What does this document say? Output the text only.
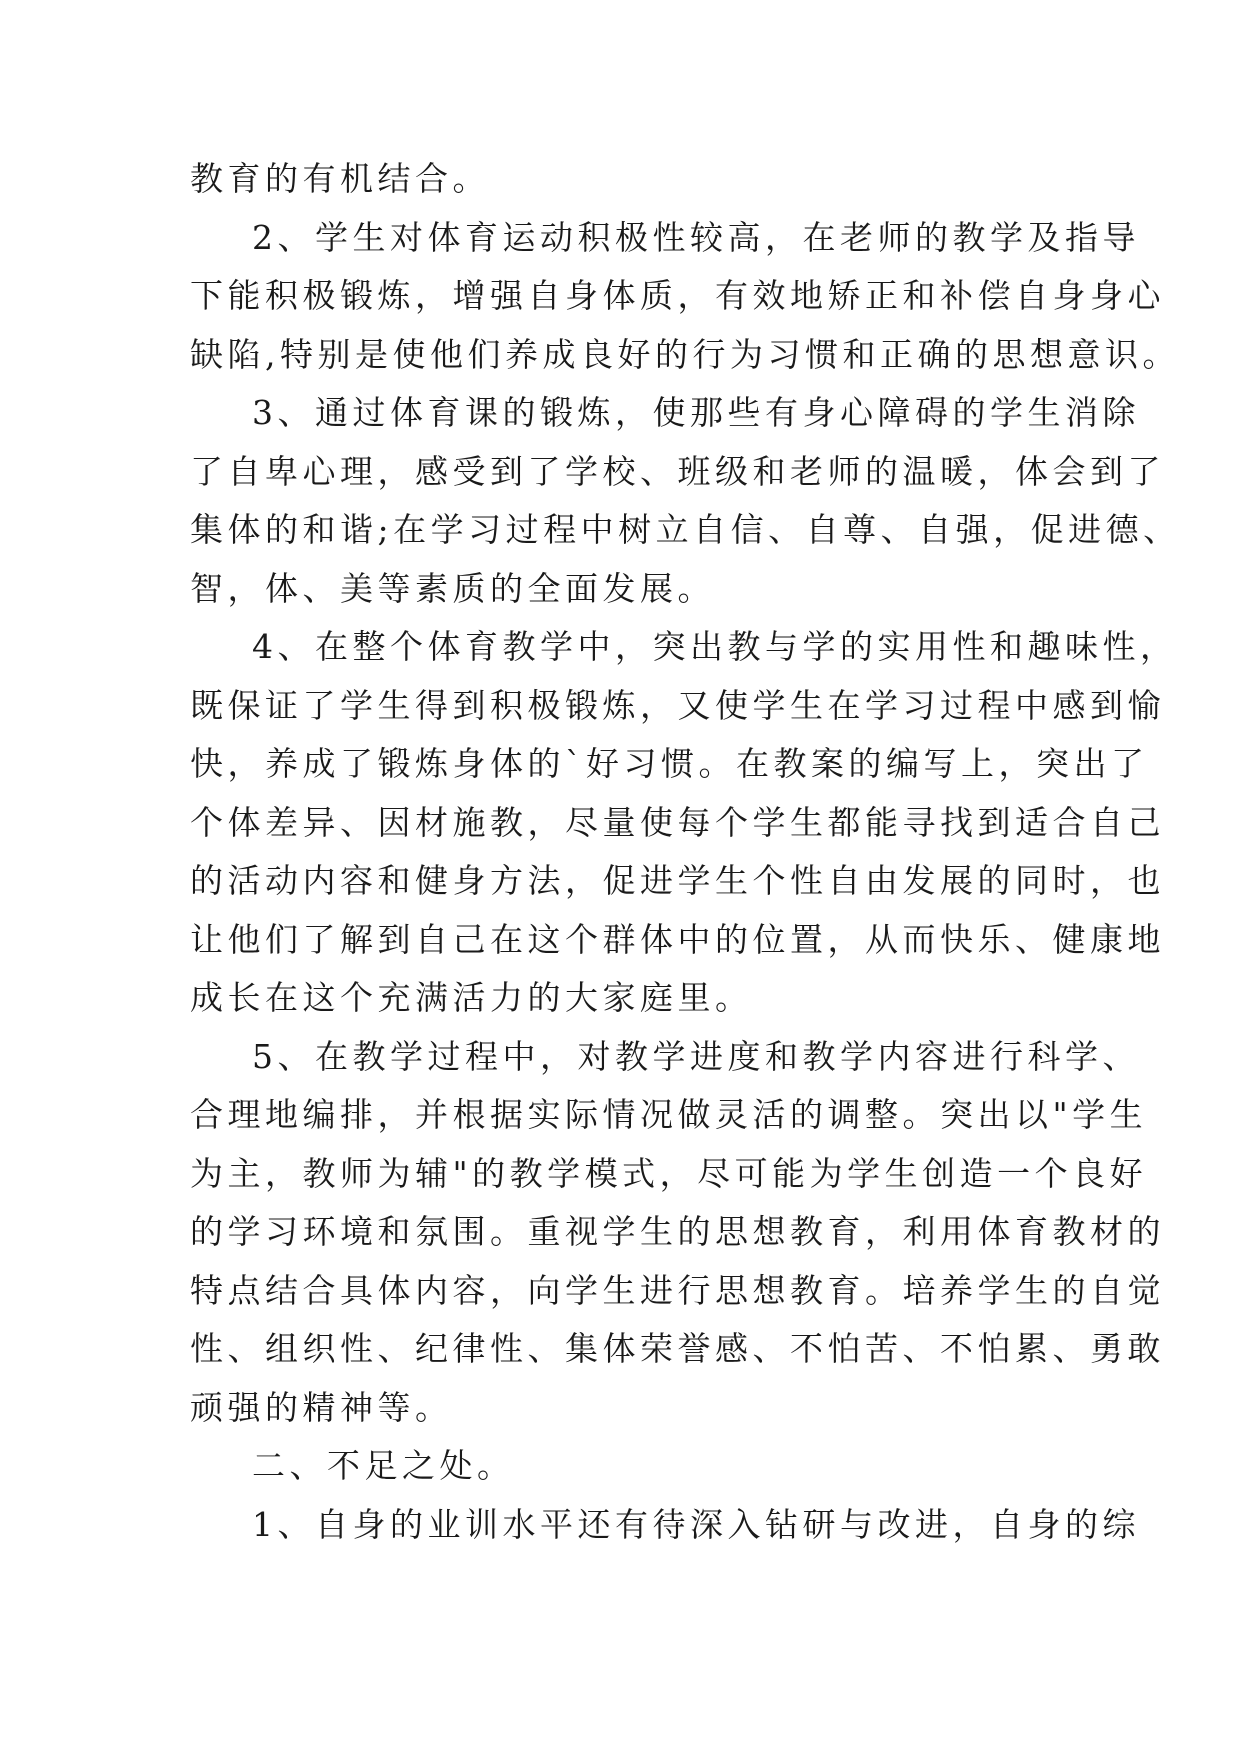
教育的有机结合。
2、学生对体育运动积极性较高，在老师的教学及指导
下能积极锻炼，增强自身体质，有效地矫正和补偿自身身心
缺陷,特别是使他们养成良好的行为习惯和正确的思想意识。
3、通过体育课的锻炼，使那些有身心障碍的学生消除
了自卑心理，感受到了学校、班级和老师的温暖，体会到了
集体的和谐;在学习过程中树立自信、自尊、自强，促进德、
智，体、美等素质的全面发展。
4、在整个体育教学中，突出教与学的实用性和趣味性，
既保证了学生得到积极锻炼，又使学生在学习过程中感到愉
快，养成了锻炼身体的`好习惯。在教案的编写上，突出了
个体差异、因材施教，尽量使每个学生都能寻找到适合自己
的活动内容和健身方法，促进学生个性自由发展的同时，也
让他们了解到自己在这个群体中的位置，从而快乐、健康地
成长在这个充满活力的大家庭里。
5、在教学过程中，对教学进度和教学内容进行科学、
合理地编排，并根据实际情况做灵活的调整。突出以"学生
为主，教师为辅"的教学模式，尽可能为学生创造一个良好
的学习环境和氛围。重视学生的思想教育，利用体育教材的
特点结合具体内容，向学生进行思想教育。培养学生的自觉
性、组织性、纪律性、集体荣誉感、不怕苦、不怕累、勇敢
顽强的精神等。
二、不足之处。
1、自身的业训水平还有待深入钻研与改进，自身的综
